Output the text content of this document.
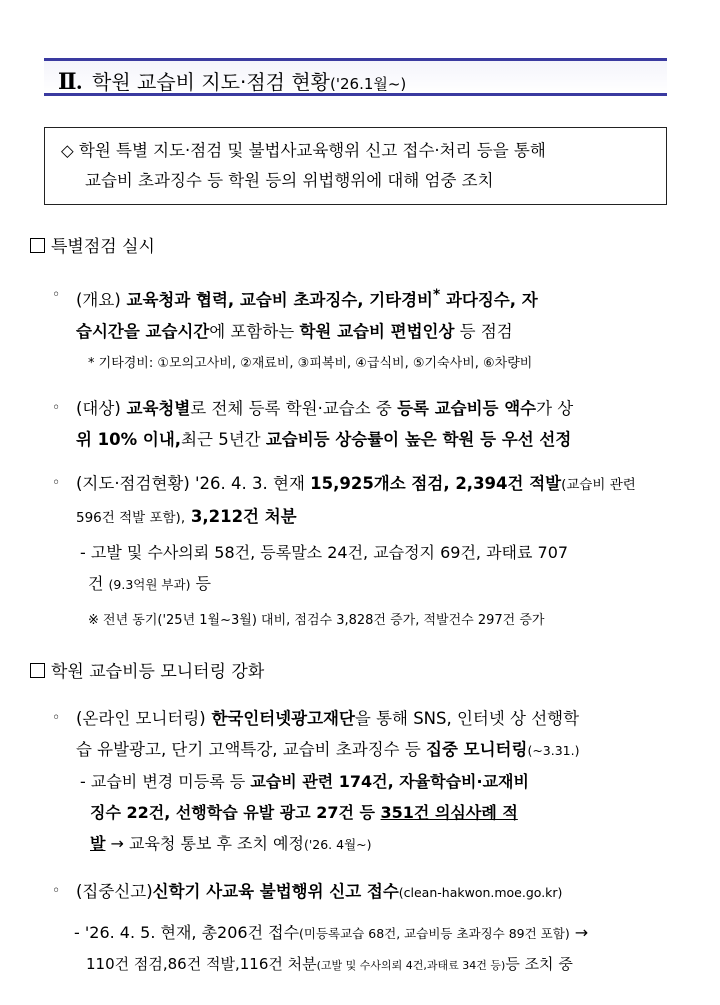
Ⅱ. 학원 교습비 지도·점검 현황('26.1월~)
◇ 학원 특별 지도·점검 및 불법사교육행위 신고 접수·처리 등을 통해
교습비 초과징수 등 학원 등의 위법행위에 대해 엄중 조치
특별점검 실시
◦ (개요) 교육청과 협력, 교습비 초과징수, 기타경비* 과다징수, 자
습시간을 교습시간에 포함하는 학원 교습비 편법인상 등 점검
* 기타경비: ①모의고사비, ②재료비, ③피복비, ④급식비, ⑤기숙사비, ⑥차량비
◦ (대상) 교육청별로 전체 등록 학원·교습소 중 등록 교습비등 액수가 상
위 10% 이내,최근 5년간 교습비등 상승률이 높은 학원 등 우선 선정
◦ (지도·점검현황) '26. 4. 3. 현재 15,925개소 점검, 2,394건 적발(교습비 관련
596건 적발 포함), 3,212건 처분
- 고발 및 수사의뢰 58건, 등록말소 24건, 교습정지 69건, 과태료 707
건 (9.3억원 부과) 등
※ 전년 동기('25년 1월~3월) 대비, 점검수 3,828건 증가, 적발건수 297건 증가
학원 교습비등 모니터링 강화
◦ (온라인 모니터링) 한국인터넷광고재단을 통해 SNS, 인터넷 상 선행학
습 유발광고, 단기 고액특강, 교습비 초과징수 등 집중 모니터링(~3.31.)
- 교습비 변경 미등록 등 교습비 관련 174건, 자율학습비·교재비
징수 22건, 선행학습 유발 광고 27건 등 351건 의심사례 적
발 → 교육청 통보 후 조치 예정('26. 4월~)
◦ (집중신고)신학기 사교육 불법행위 신고 접수(clean-hakwon.moe.go.kr)
- '26. 4. 5. 현재, 총206건 접수(미등록교습 68건, 교습비등 초과징수 89건 포함) →
110건 점검,86건 적발,116건 처분(고발 및 수사의뢰 4건,과태료 34건 등)등 조치 중
